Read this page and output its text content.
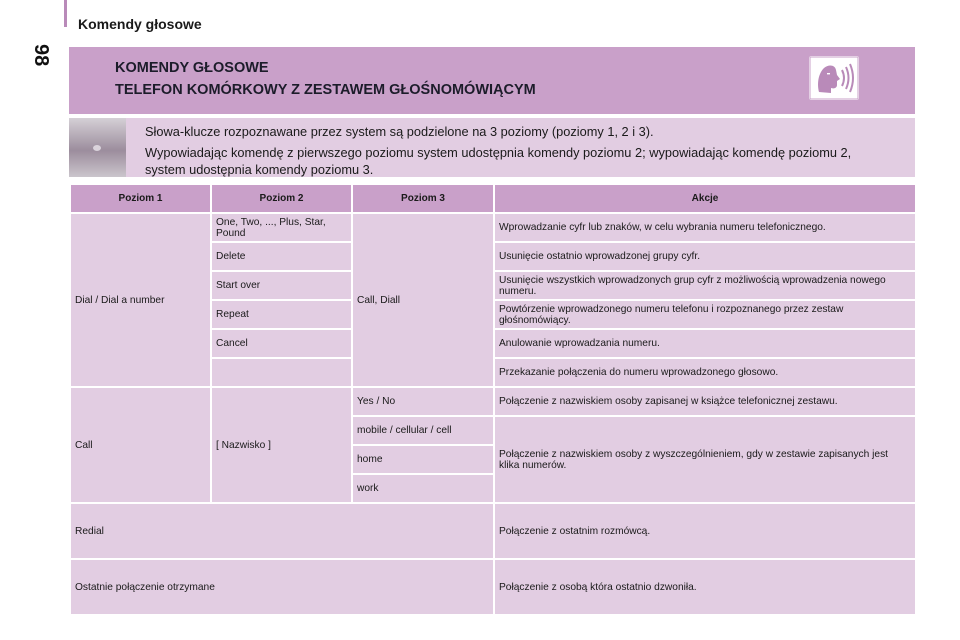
98
Komendy głosowe
KOMENDY GŁOSOWE
TELEFON KOMÓRKOWY Z ZESTAWEM GŁOŚNOMÓWIĄCYM

Słowa-klucze rozpoznawane przez system są podzielone na 3 poziomy (poziomy 1, 2 i 3).

Wypowiadając komendę z pierwszego poziomu system udostępnia komendy poziomu 2; wypowiadając komendę poziomu 2, system udostępnia komendy poziomu 3.

Poziom 1	Poziom 2	Poziom 3	Akcje
Dial / Dial a number	One, Two, ..., Plus, Star, Pound	Call, Diall	Wprowadzanie cyfr lub znaków, w celu wybrania numeru telefonicznego.
	Delete		Usunięcie ostatnio wprowadzonej grupy cyfr.
	Start over		Usunięcie wszystkich wprowadzonych grup cyfr z możliwością wprowadzenia nowego numeru.
	Repeat		Powtórzenie wprowadzonego numeru telefonu i rozpoznanego przez zestaw głośnomówiący.
	Cancel		Anulowanie wprowadzania numeru.
			Przekazanie połączenia do numeru wprowadzonego głosowo.
Call	[ Nazwisko ]	Yes / No	Połączenie z nazwiskiem osoby zapisanej w książce telefonicznej zestawu.
		mobile / cellular / cell	Połączenie z nazwiskiem osoby z wyszczególnieniem, gdy w zestawie zapisanych jest klika numerów.
		home	
		work	
Redial			Połączenie z ostatnim rozmówcą.
Ostatnie połączenie otrzymane			Połączenie z osobą która ostatnio dzwoniła.
